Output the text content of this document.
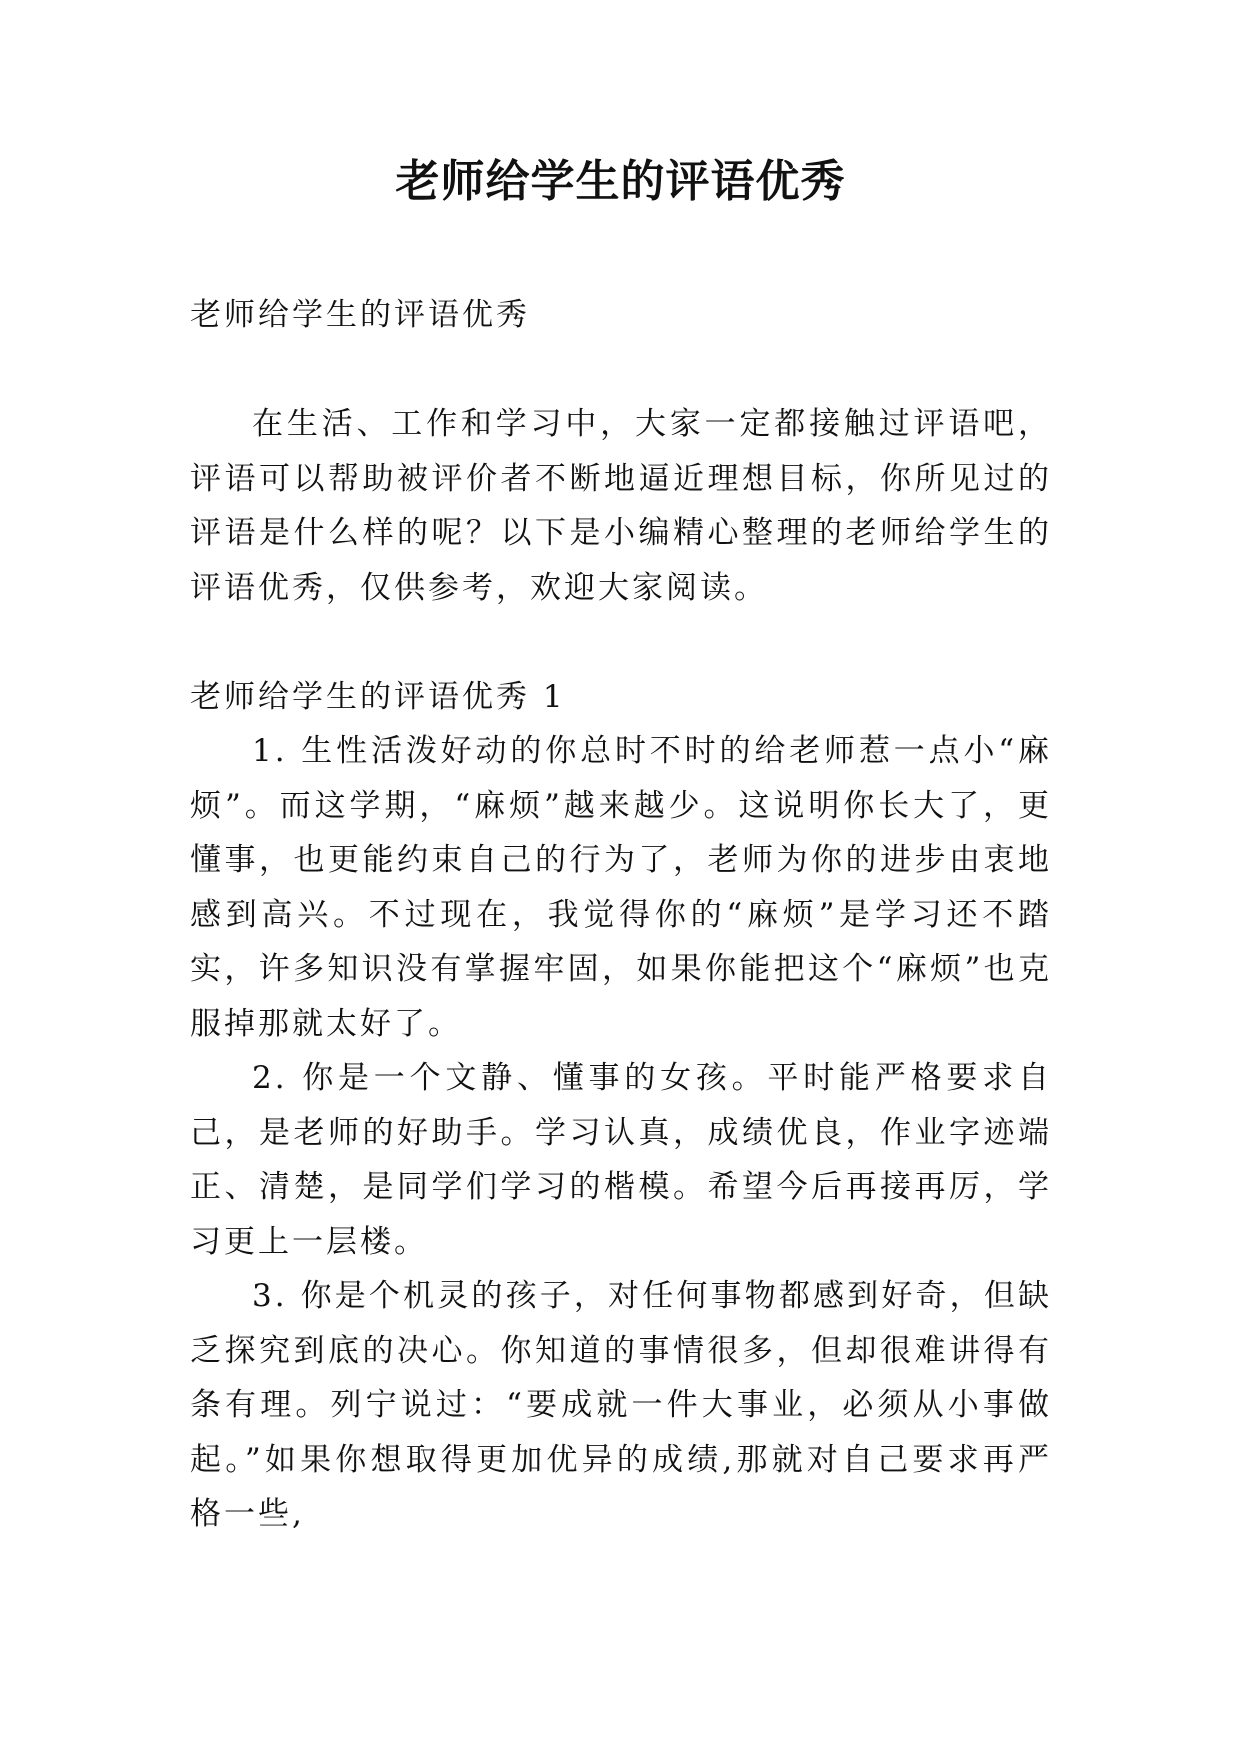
老师给学生的评语优秀

老师给学生的评语优秀

在生活、工作和学习中，大家一定都接触过评语吧，评语可以帮助被评价者不断地逼近理想目标，你所见过的评语是什么样的呢？以下是小编精心整理的老师给学生的评语优秀，仅供参考，欢迎大家阅读。

老师给学生的评语优秀 1

1. 生性活泼好动的你总时不时的给老师惹一点小“麻烦”。而这学期，“麻烦”越来越少。这说明你长大了，更懂事，也更能约束自己的行为了，老师为你的进步由衷地感到高兴。不过现在，我觉得你的“麻烦”是学习还不踏实，许多知识没有掌握牢固，如果你能把这个“麻烦”也克服掉那就太好了。

2. 你是一个文静、懂事的女孩。平时能严格要求自己，是老师的好助手。学习认真，成绩优良，作业字迹端正、清楚，是同学们学习的楷模。希望今后再接再厉，学习更上一层楼。

3. 你是个机灵的孩子，对任何事物都感到好奇，但缺乏探究到底的决心。你知道的事情很多，但却很难讲得有条有理。列宁说过：“要成就一件大事业，必须从小事做起。”如果你想取得更加优异的成绩,那就对自己要求再严格一些,
